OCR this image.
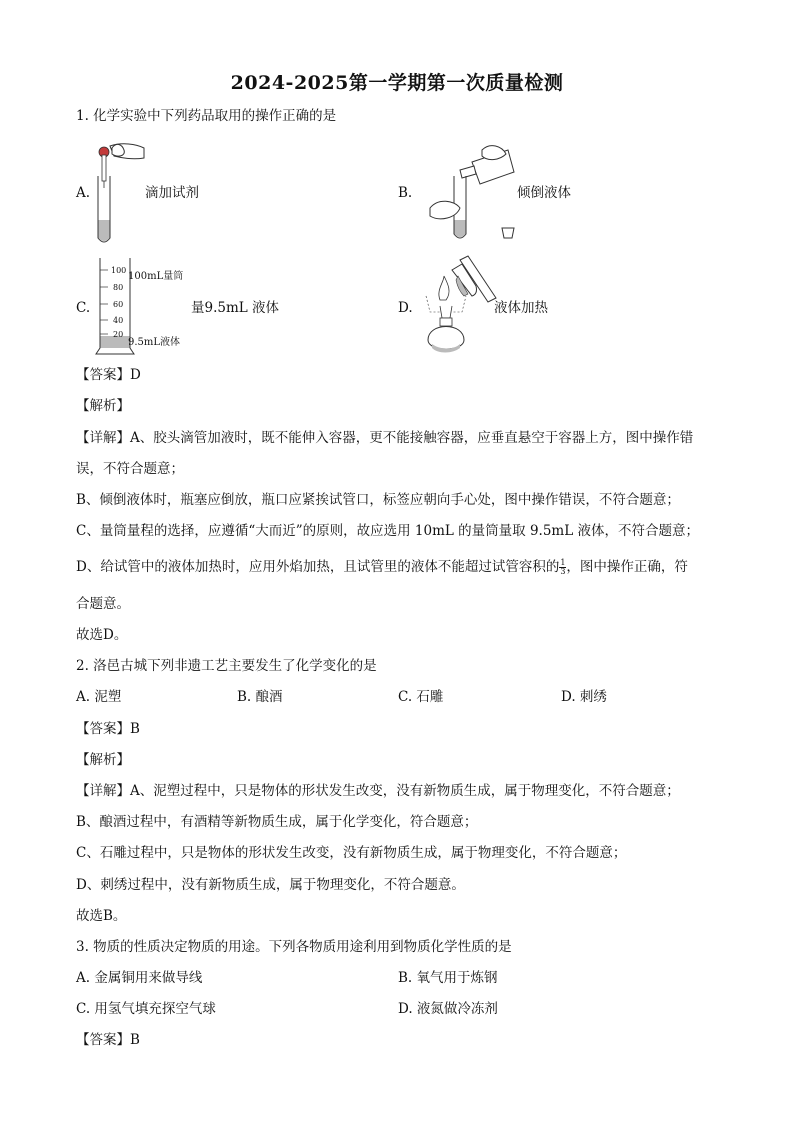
2024-2025第一学期第一次质量检测
1. 化学实验中下列药品取用的操作正确的是
A.	滴加试剂	B.	倾倒液体
100
80
60
40
20
100mL量筒
9.5mL液体
C.	量9.5mL 液体	D.	液体加热
【答案】D
【解析】
【详解】A、胶头滴管加液时，既不能伸入容器，更不能接触容器，应垂直悬空于容器上方，图中操作错
误，不符合题意；
B、倾倒液体时，瓶塞应倒放，瓶口应紧挨试管口，标签应朝向手心处，图中操作错误，不符合题意；
C、量筒量程的选择，应遵循“大而近”的原则，故应选用 10mL 的量筒量取 9.5mL 液体，不符合题意；
D、给试管中的液体加热时，应用外焰加热，且试管里的液体不能超过试管容积的 $\frac{1}{3}$ ，图中操作正确，符
合题意。
故选D。
2. 洛邑古城下列非遗工艺主要发生了化学变化的是
A. 泥塑	B. 酿酒	C. 石雕	D. 刺绣
【答案】B
【解析】
【详解】A、泥塑过程中，只是物体的形状发生改变，没有新物质生成，属于物理变化，不符合题意；
B、酿酒过程中，有酒精等新物质生成，属于化学变化，符合题意；
C、石雕过程中，只是物体的形状发生改变，没有新物质生成，属于物理变化，不符合题意；
D、刺绣过程中，没有新物质生成，属于物理变化，不符合题意。
故选B。
3. 物质的性质决定物质的用途。下列各物质用途利用到物质化学性质的是
A. 金属铜用来做导线	B. 氧气用于炼钢
C. 用氢气填充探空气球	D. 液氮做冷冻剂
【答案】B
